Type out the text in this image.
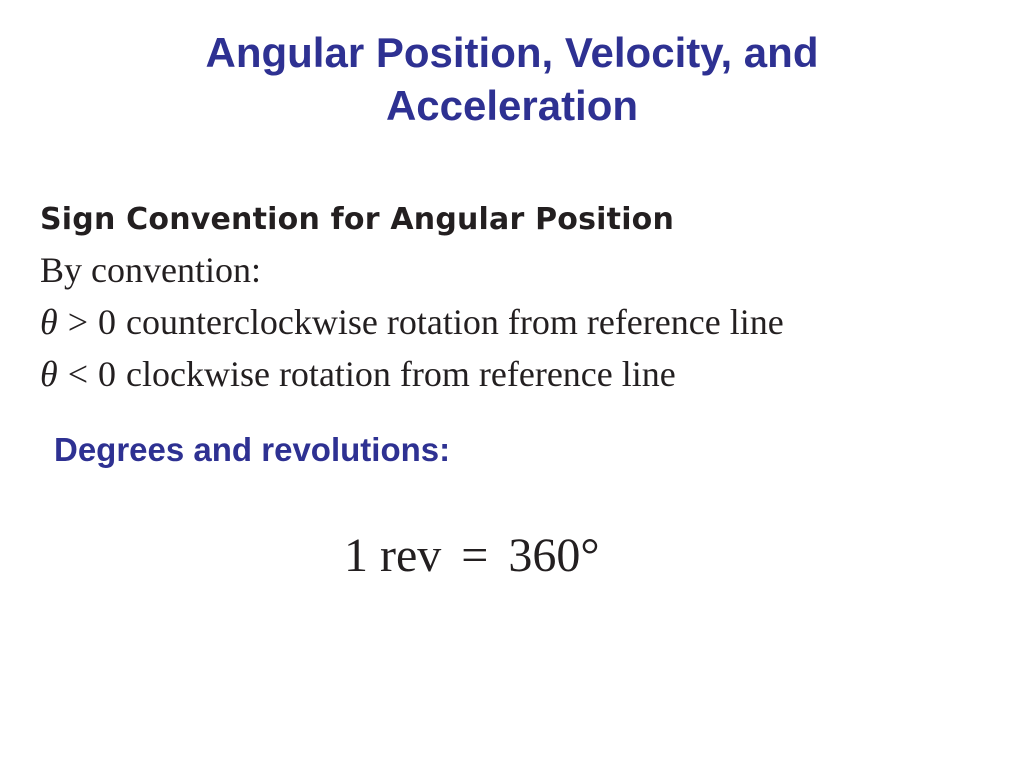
Angular Position, Velocity, and
Acceleration
Sign Convention for Angular Position
By convention:
θ > 0 counterclockwise rotation from reference line
θ < 0 clockwise rotation from reference line
Degrees and revolutions:
1 rev = 360°
